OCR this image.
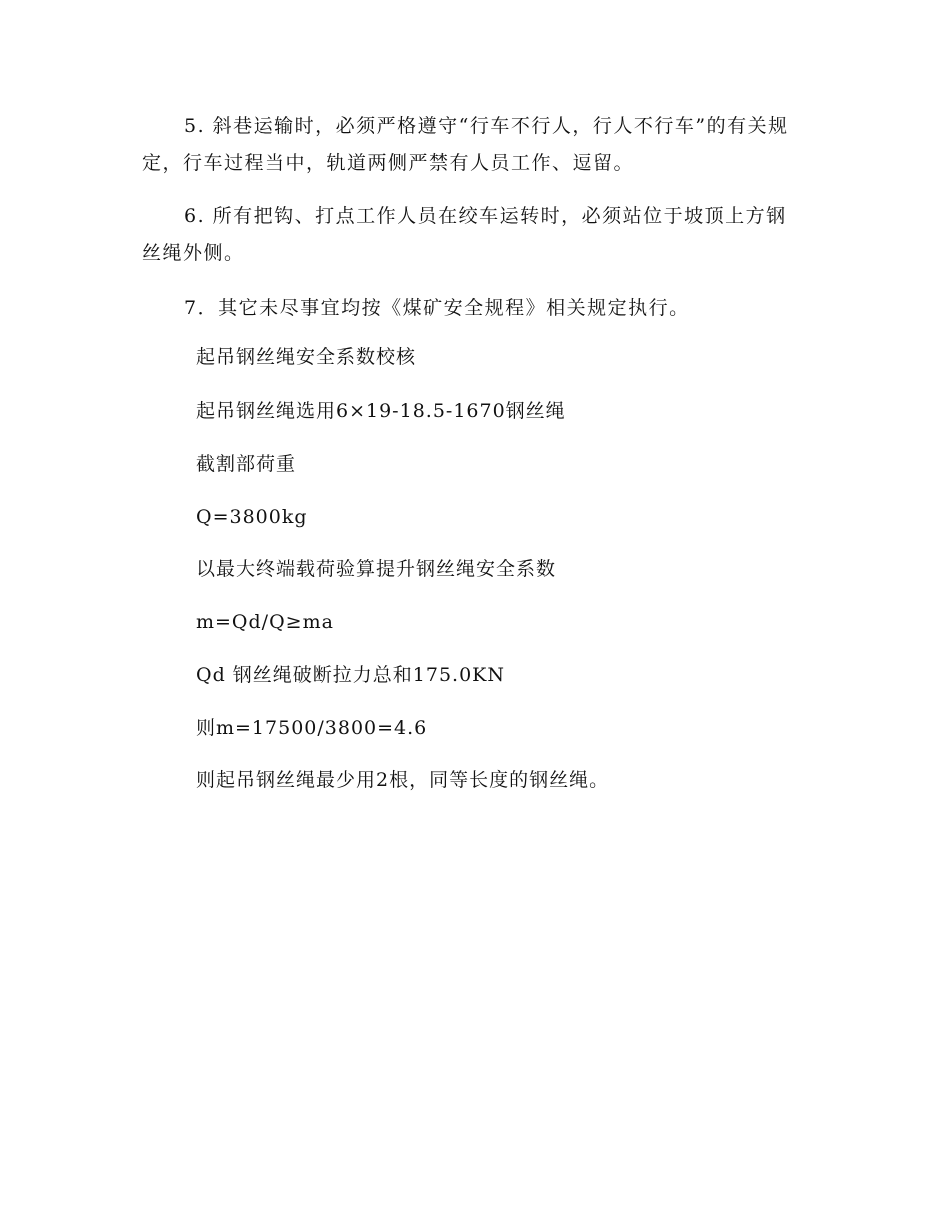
5. 斜巷运输时，必须严格遵守“行车不行人，行人不行车”的有关规定，行车过程当中，轨道两侧严禁有人员工作、逗留。

6. 所有把钩、打点工作人员在绞车运转时，必须站位于坡顶上方钢丝绳外侧。

7．其它未尽事宜均按《煤矿安全规程》相关规定执行。

起吊钢丝绳安全系数校核

起吊钢丝绳选用6×19-18.5-1670钢丝绳

截割部荷重

Q=3800kg

以最大终端载荷验算提升钢丝绳安全系数

m=Qd/Q≥ma

Qd 钢丝绳破断拉力总和175.0KN

则m=17500/3800=4.6

则起吊钢丝绳最少用2根，同等长度的钢丝绳。
